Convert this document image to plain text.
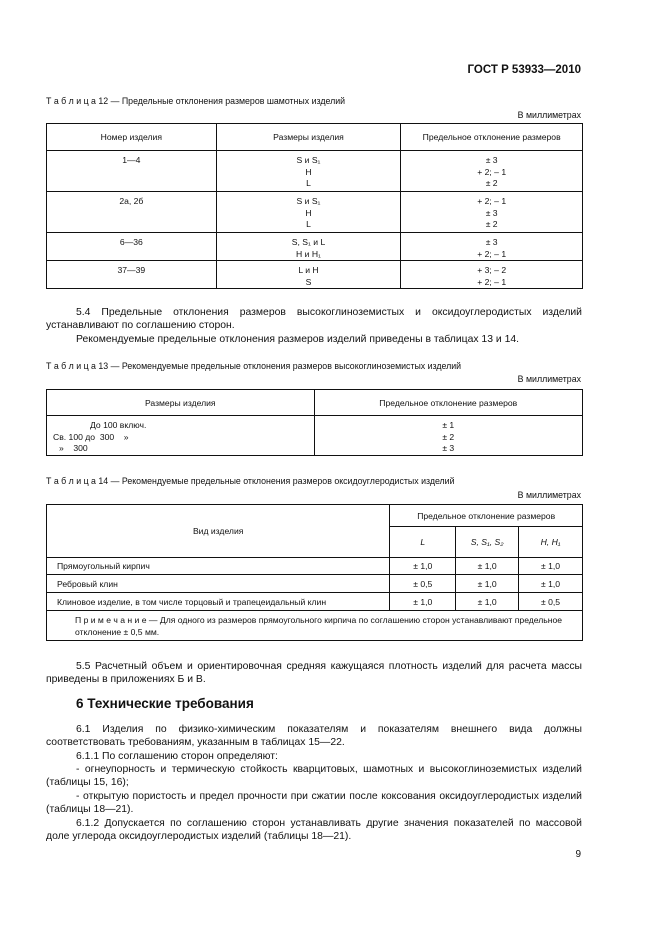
ГОСТ Р 53933—2010
Т а б л и ц а 12 — Предельные отклонения размеров шамотных изделий
В миллиметрах
Номер изделия	Размеры изделия	Предельное отклонение размеров

1—4	S и S₁
H
L	± 3
+ 2; – 1
± 2

2а, 2б	S и S₁
H
L	+ 2; – 1
± 3
± 2

6—36	S, S₁ и L
H и H₁	± 3
+ 2; – 1

37—39	L и H
S	+ 3; – 2
+ 2; – 1
5.4 Предельные отклонения размеров высокоглиноземистых и оксидоуглеродистых изделий устанавливают по соглашению сторон.
Рекомендуемые предельные отклонения размеров изделий приведены в таблицах 13 и 14.
Т а б л и ц а 13 — Рекомендуемые предельные отклонения размеров высокоглиноземистых изделий
В миллиметрах
Размеры изделия	Предельное отклонение размеров

До 100 включ.
Св. 100 до  300    »
»    300	± 1
± 2
± 3
Т а б л и ц а 14 — Рекомендуемые предельные отклонения размеров оксидоуглеродистых изделий
В миллиметрах
Вид изделия	Предельное отклонение размеров		
	L	S, S₁, S₂	H, H₁
Прямоугольный кирпич	± 1,0	± 1,0	± 1,0
Ребровый клин	± 0,5	± 1,0	± 1,0
Клиновое изделие, в том числе торцовый и трапецеидальный клин	± 1,0	± 1,0	± 0,5
П р и м е ч а н и е — Для одного из размеров прямоугольного кирпича по соглашению сторон устанавливают предельное отклонение ± 0,5 мм.			
5.5 Расчетный объем и ориентировочная средняя кажущаяся плотность изделий для расчета массы приведены в приложениях Б и В.
6 Технические требования
6.1 Изделия по физико-химическим показателям и показателям внешнего вида должны соответствовать требованиям, указанным в таблицах 15—22.
6.1.1 По соглашению сторон определяют:
- огнеупорность и термическую стойкость кварцитовых, шамотных и высокоглиноземистых изделий (таблицы 15, 16);
- открытую пористость и предел прочности при сжатии после коксования оксидоуглеродистых изделий (таблицы 18—21).
6.1.2 Допускается по соглашению сторон устанавливать другие значения показателей по массовой доле углерода оксидоуглеродистых изделий (таблицы 18—21).
9
